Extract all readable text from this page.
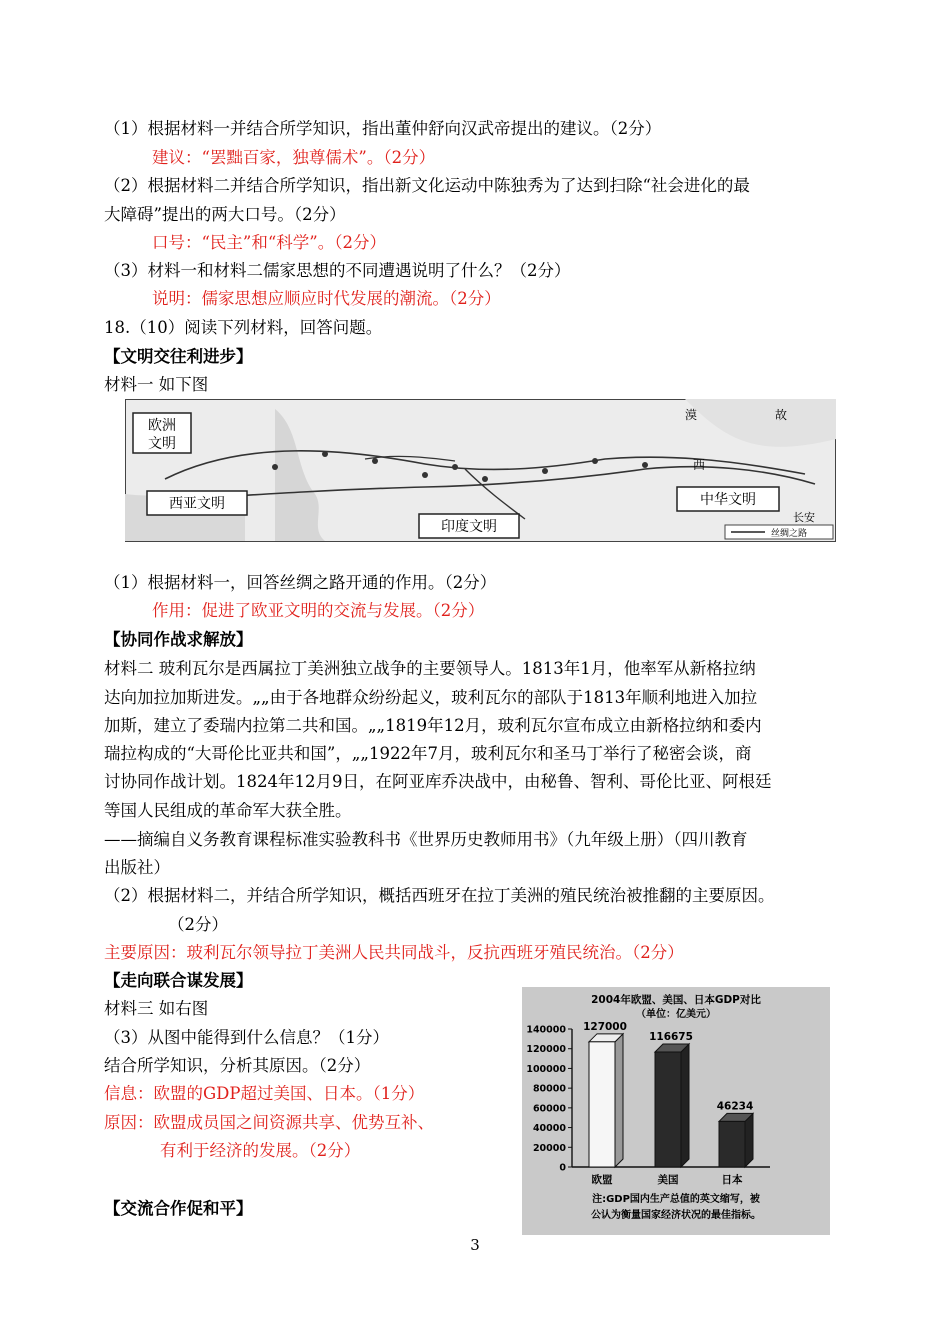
（1）根据材料一并结合所学知识，指出董仲舒向汉武帝提出的建议。（2分）
建议：“罢黜百家，独尊儒术”。（2分）
（2）根据材料二并结合所学知识，指出新文化运动中陈独秀为了达到扫除“社会进化的最
大障碍”提出的两大口号。（2分）
口号：“民主”和“科学”。（2分）
（3）材料一和材料二儒家思想的不同遭遇说明了什么？（2分）
说明：儒家思想应顺应时代发展的潮流。（2分）
18.（10）阅读下列材料，回答问题。
【文明交往利进步】
材料一 如下图
欧洲
文明
西亚文明
印度文明
中华文明
长安
西
漠	故
丝绸之路
（1）根据材料一，回答丝绸之路开通的作用。（2分）
作用：促进了欧亚文明的交流与发展。（2分）
【协同作战求解放】
材料二 玻利瓦尔是西属拉丁美洲独立战争的主要领导人。1813年1月，他率军从新格拉纳
达向加拉加斯进发。„„由于各地群众纷纷起义，玻利瓦尔的部队于1813年顺利地进入加拉
加斯，建立了委瑞内拉第二共和国。„„1819年12月，玻利瓦尔宣布成立由新格拉纳和委内
瑞拉构成的“大哥伦比亚共和国”，„„1922年7月，玻利瓦尔和圣马丁举行了秘密会谈，商
讨协同作战计划。1824年12月9日，在阿亚库乔决战中，由秘鲁、智利、哥伦比亚、阿根廷
等国人民组成的革命军大获全胜。
——摘编自义务教育课程标准实验教科书《世界历史教师用书》（九年级上册）（四川教育
出版社）
（2）根据材料二，并结合所学知识，概括西班牙在拉丁美洲的殖民统治被推翻的主要原因。
（2分）
主要原因：玻利瓦尔领导拉丁美洲人民共同战斗，反抗西班牙殖民统治。（2分）
【走向联合谋发展】
材料三 如右图
（3）从图中能得到什么信息？（1分）
结合所学知识，分析其原因。（2分）
信息：欧盟的GDP超过美国、日本。（1分）
原因：欧盟成员国之间资源共享、优势互补、
有利于经济的发展。（2分）
【交流合作促和平】
2004年欧盟、美国、日本GDP对比
（单位：亿美元）
0
20000
40000
60000
80000
100000
120000
140000 127000
欧盟
116675
美国
46234
日本
注:GDP国内生产总值的英文缩写，被
公认为衡量国家经济状况的最佳指标。
3
